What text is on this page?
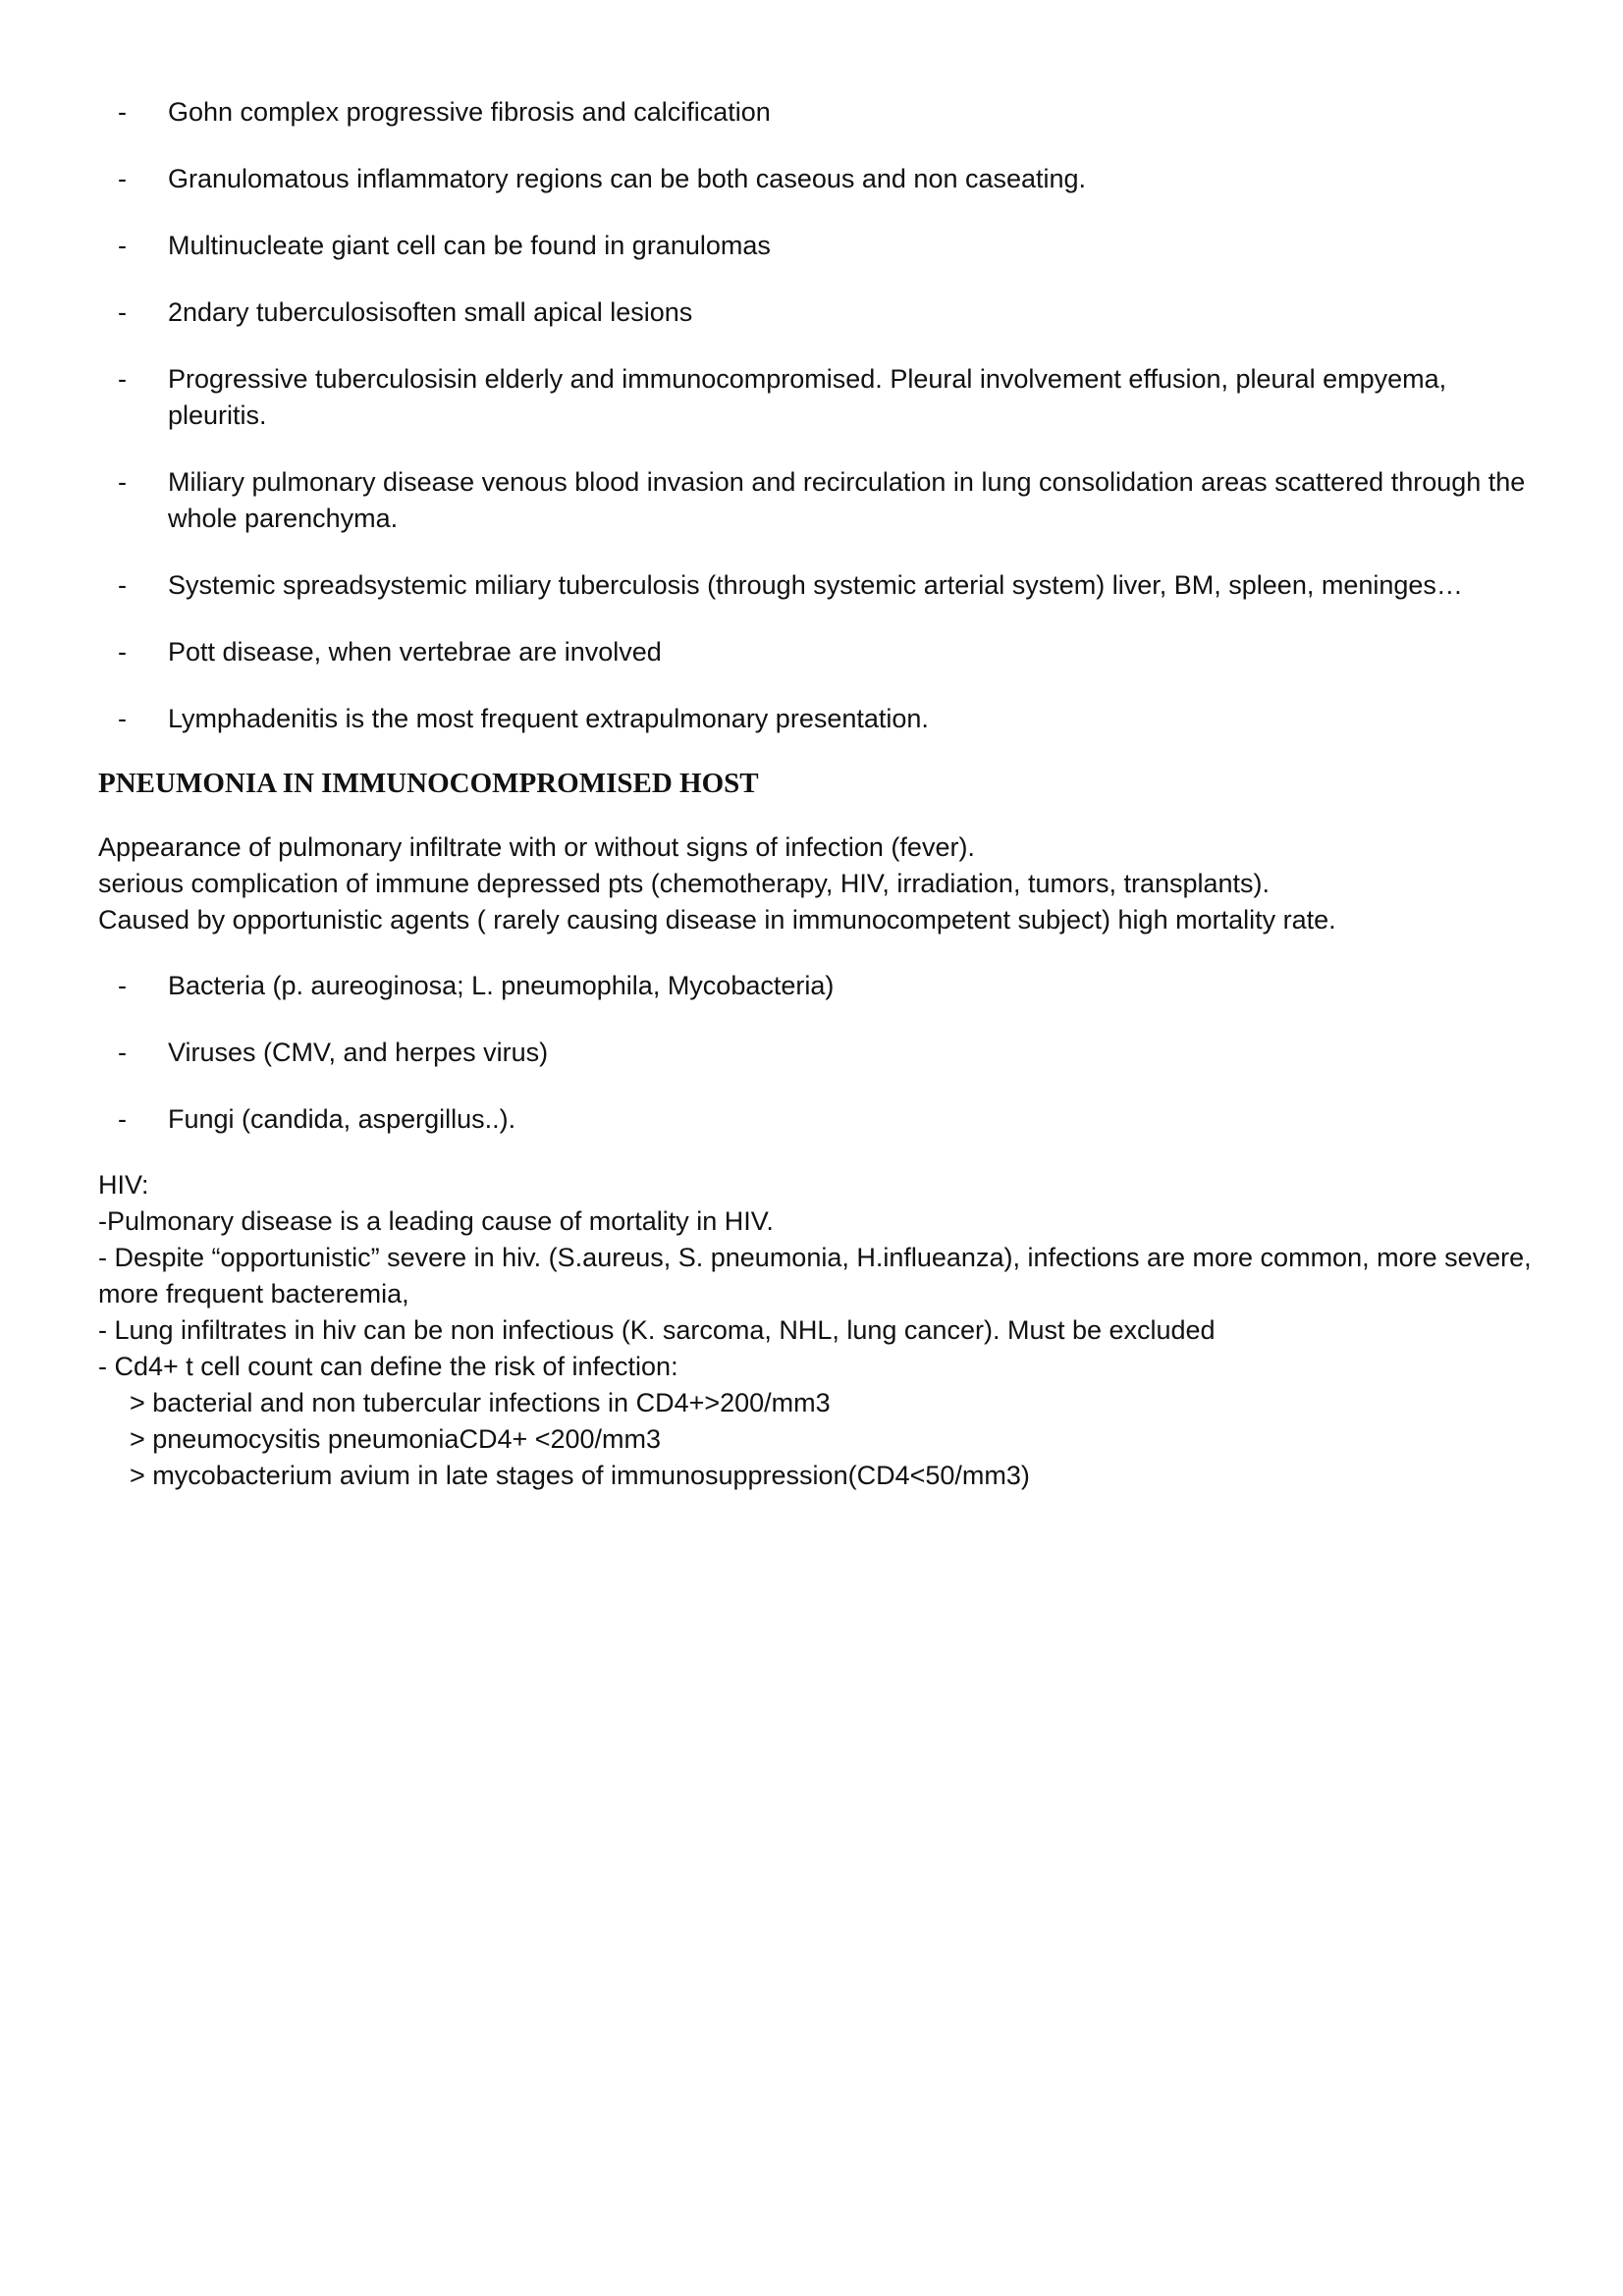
- Gohn complex progressive fibrosis and calcification
- Granulomatous inflammatory regions can be both caseous and non caseating.
- Multinucleate giant cell can be found in granulomas
- 2ndary tuberculosisoften small apical lesions
- Progressive tuberculosisin elderly and immunocompromised. Pleural involvement effusion, pleural empyema, pleuritis.
- Miliary pulmonary disease venous blood invasion and recirculation in lung consolidation areas scattered through the whole parenchyma.
- Systemic spreadsystemic miliary tuberculosis (through systemic arterial system) liver, BM, spleen, meninges…
- Pott disease, when vertebrae are involved
- Lymphadenitis is the most frequent extrapulmonary presentation.
PNEUMONIA IN IMMUNOCOMPROMISED HOST
Appearance of pulmonary infiltrate with or without signs of infection (fever).
serious complication of immune depressed pts (chemotherapy, HIV, irradiation, tumors, transplants).
Caused by opportunistic agents ( rarely causing disease in immunocompetent subject) high mortality rate.
- Bacteria (p. aureoginosa; L. pneumophila, Mycobacteria)
- Viruses (CMV, and herpes virus)
- Fungi (candida, aspergillus..).
HIV:
-Pulmonary disease is a leading cause of mortality in HIV.
- Despite “opportunistic” severe in hiv. (S.aureus, S. pneumonia, H.influeanza), infections are more common, more severe, more frequent bacteremia,
- Lung infiltrates in hiv can be non infectious (K. sarcoma, NHL, lung cancer). Must be excluded
- Cd4+ t cell count can define the risk of infection:
> bacterial and non tubercular infections in CD4+>200/mm3
> pneumocysitis pneumoniaCD4+ <200/mm3
> mycobacterium avium in late stages of immunosuppression(CD4<50/mm3)
